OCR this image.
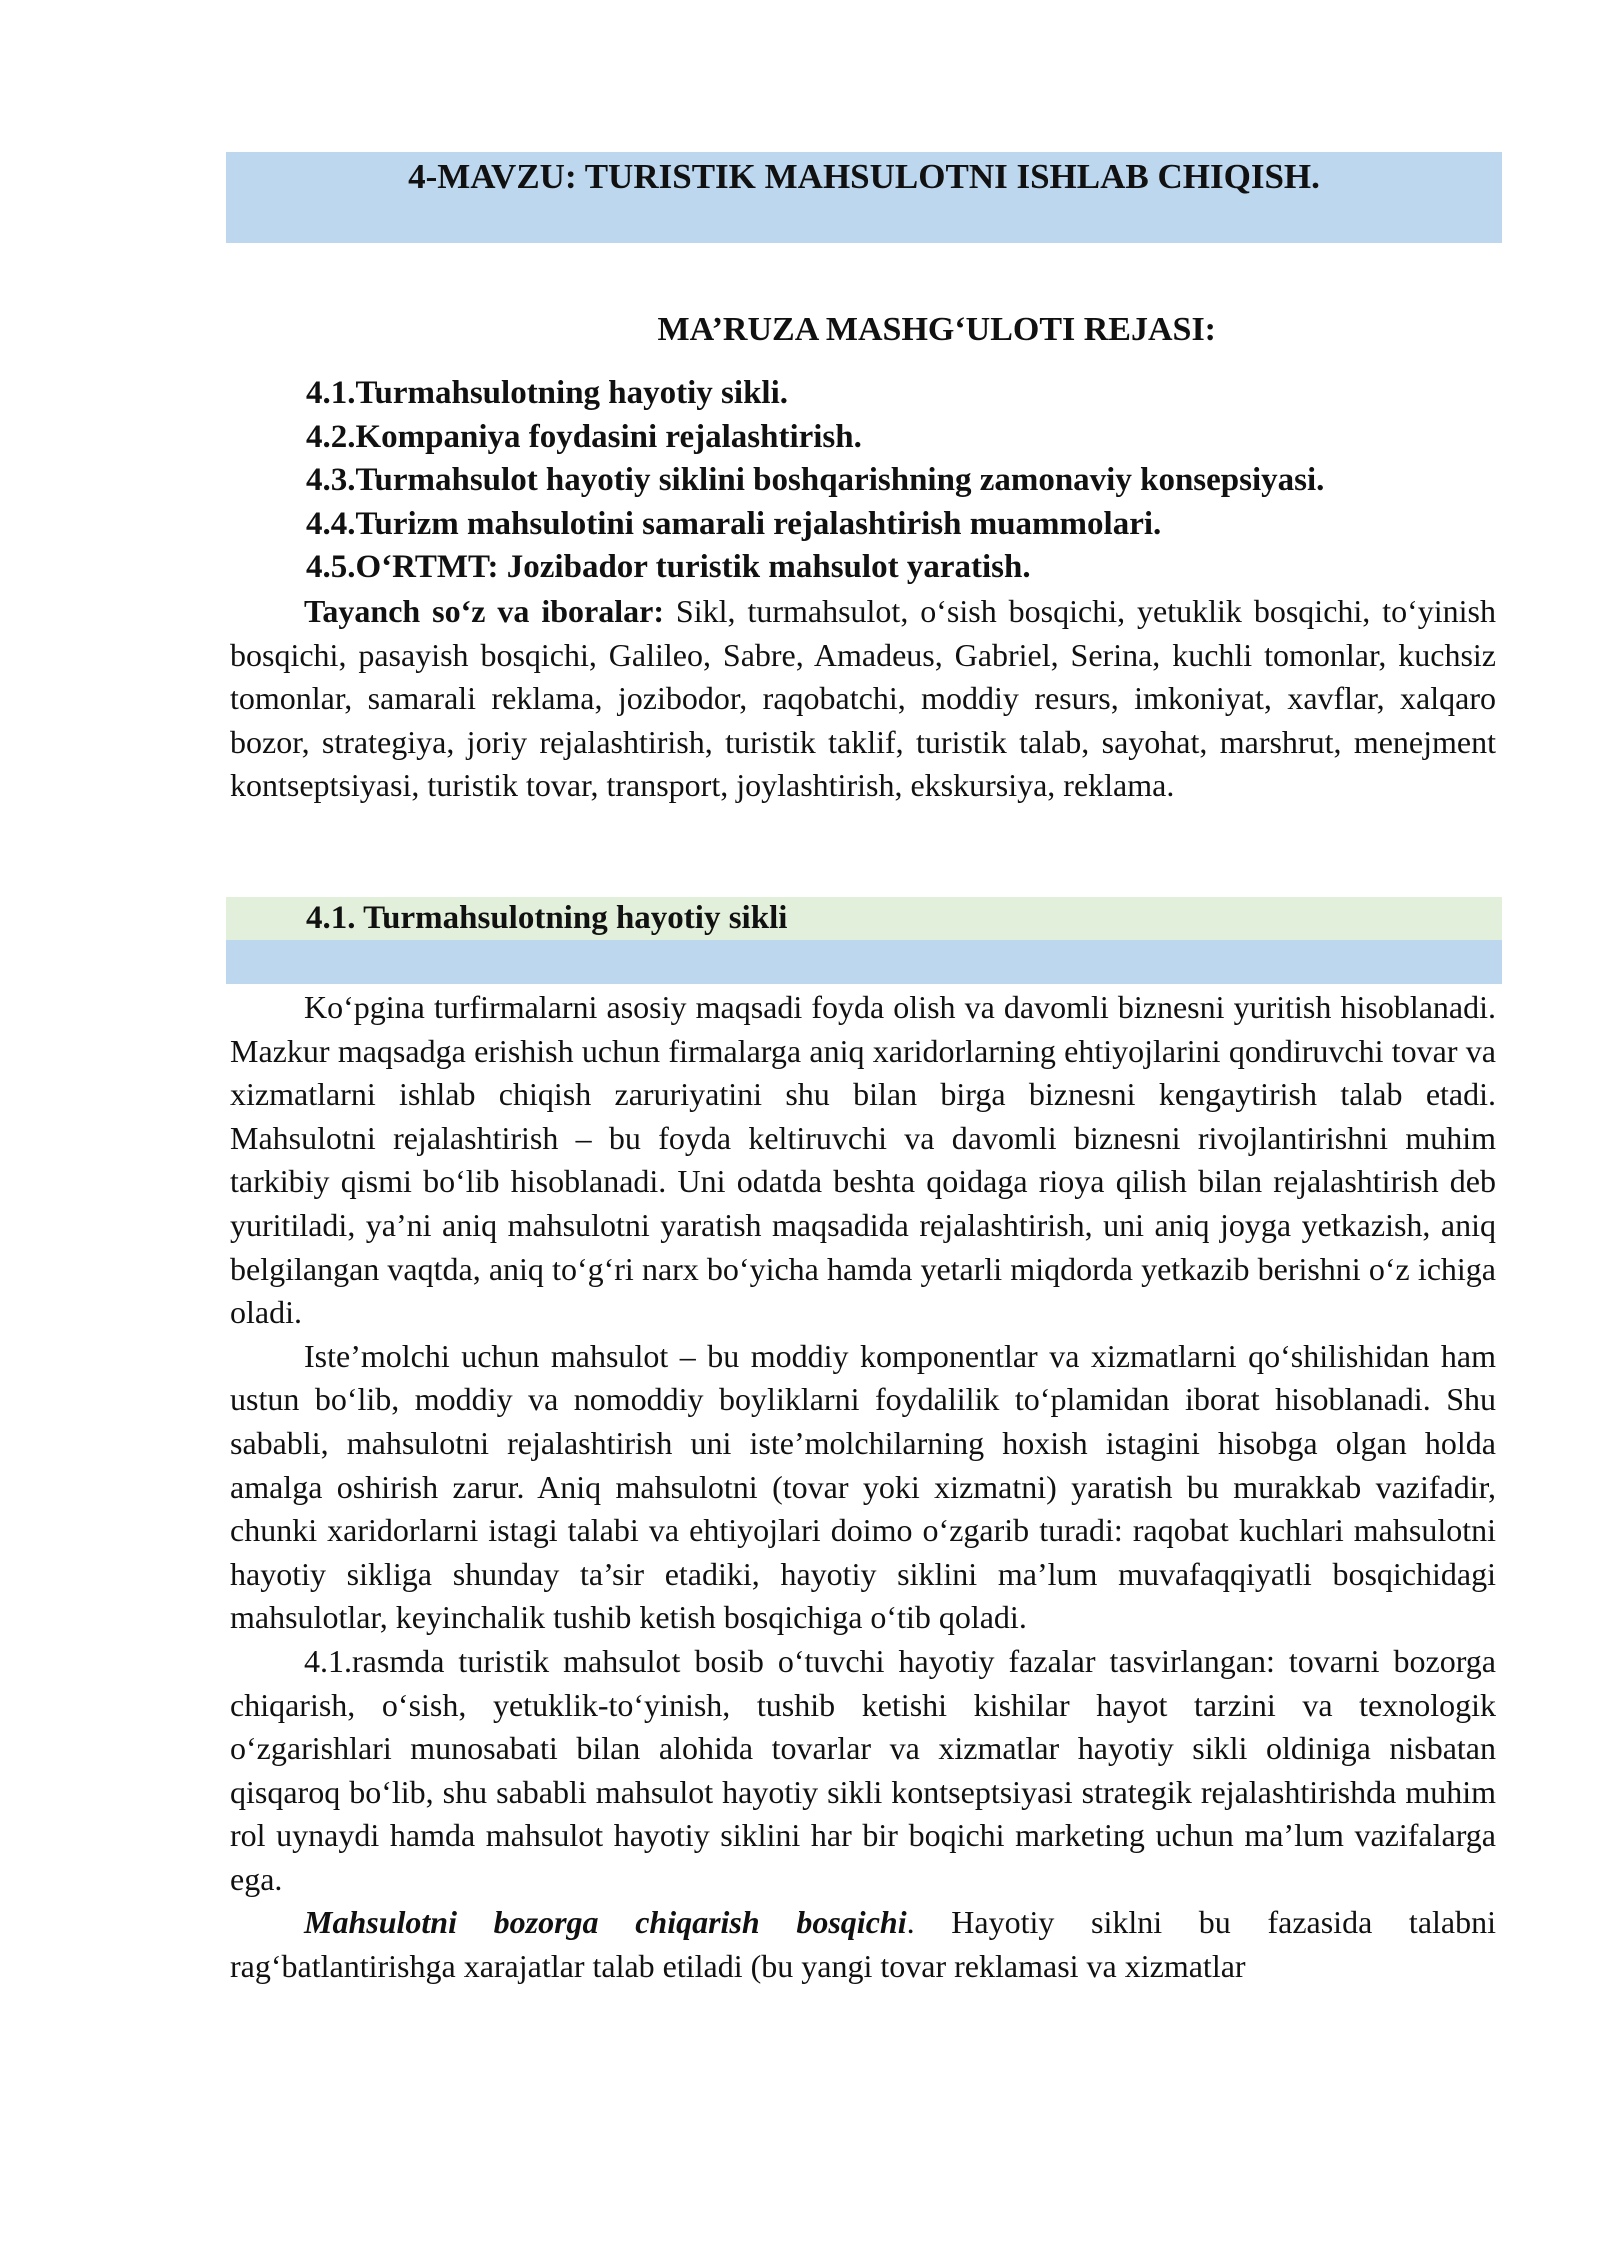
4-MAVZU: TURISTIK MAHSULOTNI ISHLAB CHIQISH.
MA’RUZA MASHG‘ULOTI REJASI:
4.1.Turmahsulotning hayotiy sikli.
4.2.Kompaniya foydasini rejalashtirish.
4.3.Turmahsulot hayotiy siklini boshqarishning zamonaviy konsepsiyasi.
4.4.Turizm mahsulotini samarali rejalashtirish muammolari.
4.5.O‘RTMT: Jozibador turistik mahsulot yaratish.

Tayanch so‘z va iboralar: Sikl, turmahsulot, o‘sish bosqichi, yetuklik bosqichi, to‘yinish bosqichi, pasayish bosqichi, Galileo, Sabre, Amadeus, Gabriel, Serina, kuchli tomonlar, kuchsiz tomonlar, samarali reklama, jozibodor, raqobatchi, moddiy resurs, imkoniyat, xavflar, xalqaro bozor, strategiya, joriy rejalashtirish, turistik taklif, turistik talab, sayohat, marshrut, menejment kontseptsiyasi, turistik tovar, transport, joylashtirish, ekskursiya, reklama.

4.1. Turmahsulotning hayotiy sikli

Ko‘pgina turfirmalarni asosiy maqsadi foyda olish va davomli biznesni yuritish hisoblanadi. Mazkur maqsadga erishish uchun firmalarga aniq xaridorlarning ehtiyojlarini qondiruvchi tovar va xizmatlarni ishlab chiqish zaruriyatini shu bilan birga biznesni kengaytirish talab etadi. Mahsulotni rejalashtirish – bu foyda keltiruvchi va davomli biznesni rivojlantirishni muhim tarkibiy qismi bo‘lib hisoblanadi. Uni odatda beshta qoidaga rioya qilish bilan rejalashtirish deb yuritiladi, ya’ni aniq mahsulotni yaratish maqsadida rejalashtirish, uni aniq joyga yetkazish, aniq belgilangan vaqtda, aniq to‘g‘ri narx bo‘yicha hamda yetarli miqdorda yetkazib berishni o‘z ichiga oladi.

Iste’molchi uchun mahsulot – bu moddiy komponentlar va xizmatlarni qo‘shilishidan ham ustun bo‘lib, moddiy va nomoddiy boyliklarni foydalilik to‘plamidan iborat hisoblanadi. Shu sababli, mahsulotni rejalashtirish uni iste’molchilarning hoxish istagini hisobga olgan holda amalga oshirish zarur. Aniq mahsulotni (tovar yoki xizmatni) yaratish bu murakkab vazifadir, chunki xaridorlarni istagi talabi va ehtiyojlari doimo o‘zgarib turadi: raqobat kuchlari mahsulotni hayotiy sikliga shunday ta’sir etadiki, hayotiy siklini ma’lum muvafaqqiyatli bosqichidagi mahsulotlar, keyinchalik tushib ketish bosqichiga o‘tib qoladi.

4.1.rasmda turistik mahsulot bosib o‘tuvchi hayotiy fazalar tasvirlangan: tovarni bozorga chiqarish, o‘sish, yetuklik-to‘yinish, tushib ketishi kishilar hayot tarzini va texnologik o‘zgarishlari munosabati bilan alohida tovarlar va xizmatlar hayotiy sikli oldiniga nisbatan qisqaroq bo‘lib, shu sababli mahsulot hayotiy sikli kontseptsiyasi strategik rejalashtirishda muhim rol uynaydi hamda mahsulot hayotiy siklini har bir boqichi marketing uchun ma’lum vazifalarga ega.

Mahsulotni bozorga chiqarish bosqichi. Hayotiy siklni bu fazasida talabni rag‘batlantirishga xarajatlar talab etiladi (bu yangi tovar reklamasi va xizmatlar
